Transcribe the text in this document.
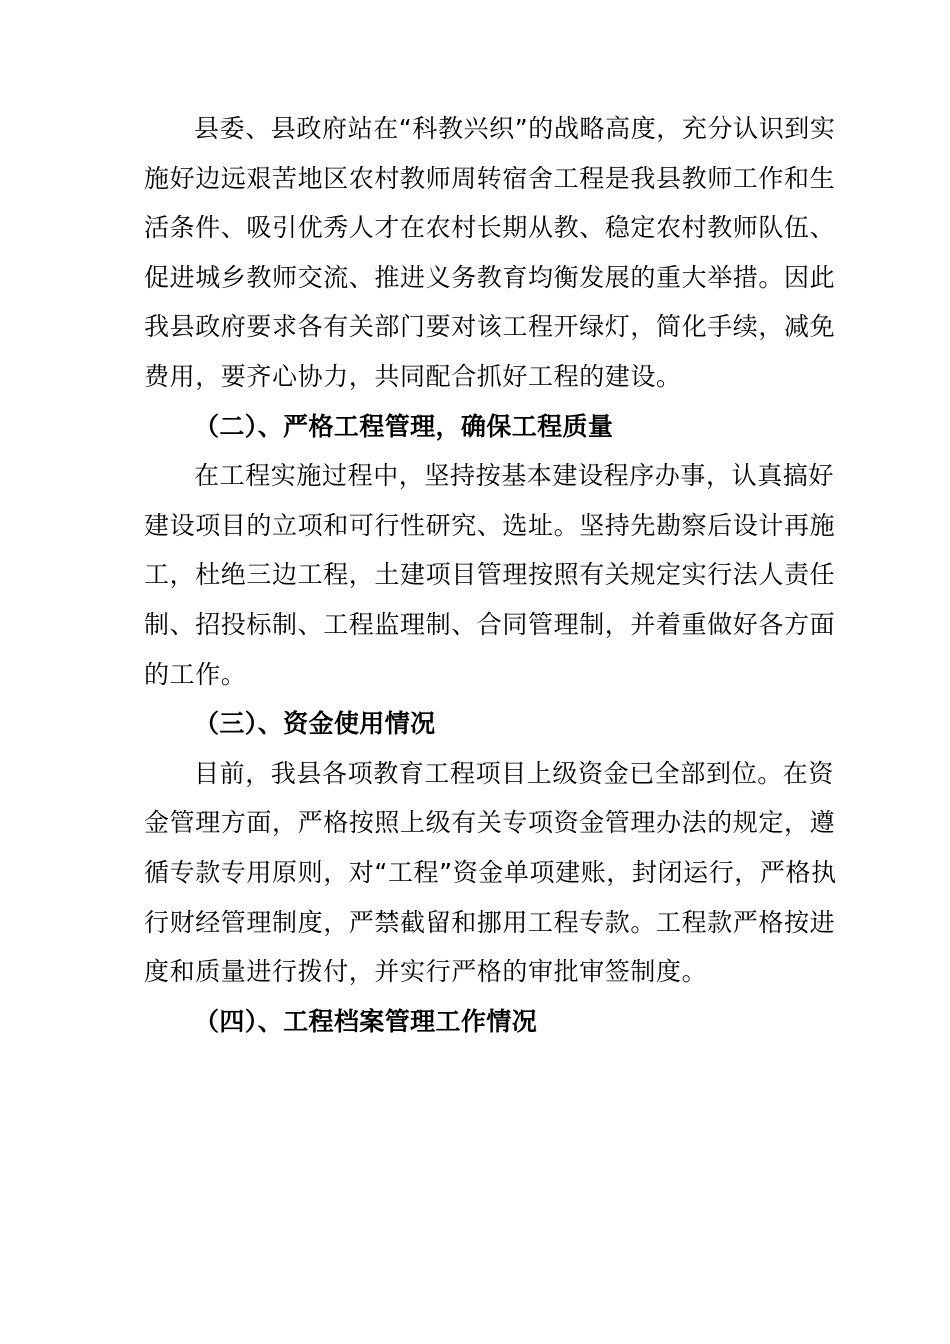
县委、县政府站在“科教兴织”的战略高度，充分认识到实施好边远艰苦地区农村教师周转宿舍工程是我县教师工作和生活条件、吸引优秀人才在农村长期从教、稳定农村教师队伍、促进城乡教师交流、推进义务教育均衡发展的重大举措。因此我县政府要求各有关部门要对该工程开绿灯，简化手续，减免费用，要齐心协力，共同配合抓好工程的建设。

（二）、严格工程管理，确保工程质量

在工程实施过程中，坚持按基本建设程序办事，认真搞好建设项目的立项和可行性研究、选址。坚持先勘察后设计再施工，杜绝三边工程，土建项目管理按照有关规定实行法人责任制、招投标制、工程监理制、合同管理制，并着重做好各方面的工作。

（三）、资金使用情况

目前，我县各项教育工程项目上级资金已全部到位。在资金管理方面，严格按照上级有关专项资金管理办法的规定，遵循专款专用原则，对“工程”资金单项建账，封闭运行，严格执行财经管理制度，严禁截留和挪用工程专款。工程款严格按进度和质量进行拨付，并实行严格的审批审签制度。

（四）、工程档案管理工作情况
